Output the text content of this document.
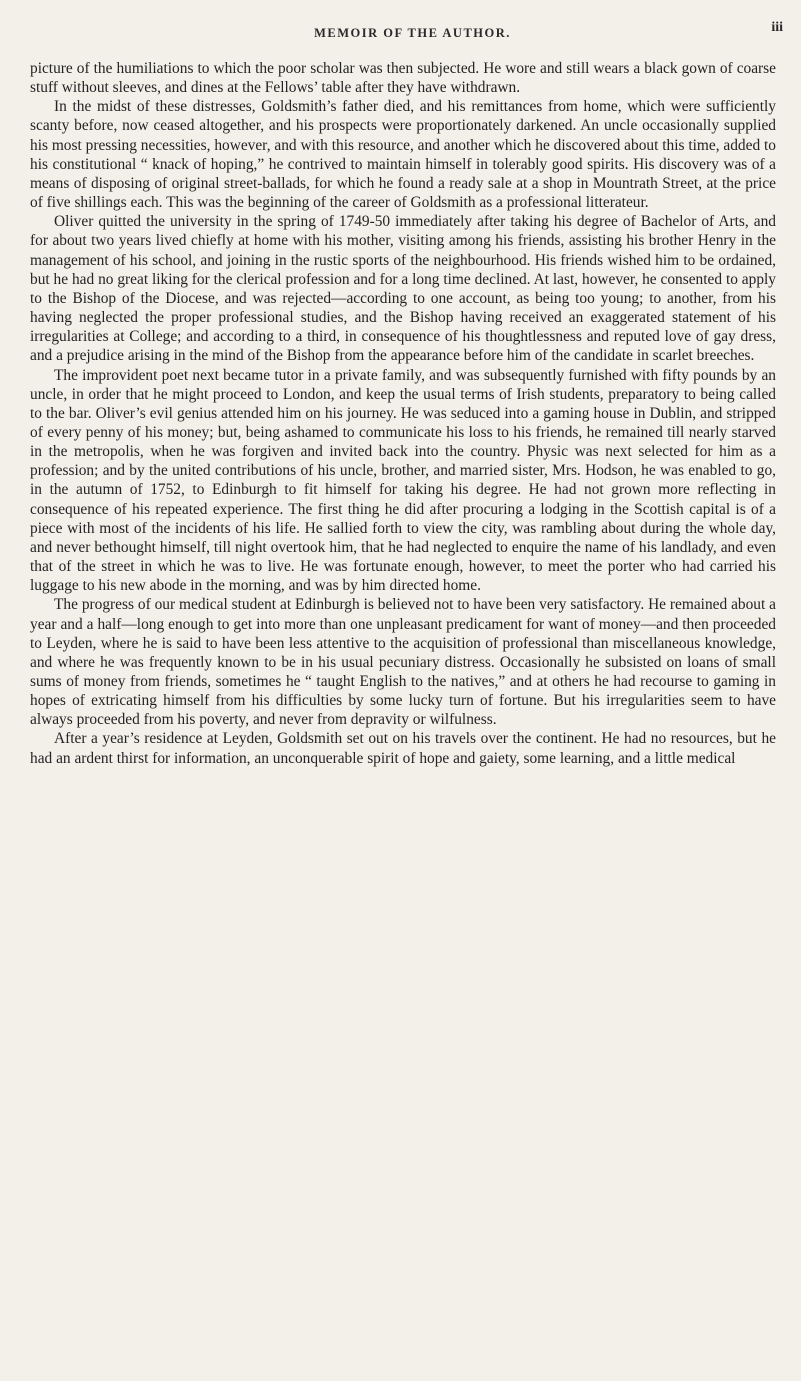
MEMOIR OF THE AUTHOR.	iii

picture of the humiliations to which the poor scholar was then subjected. He wore and still wears a black gown of coarse stuff without sleeves, and dines at the Fellows’ table after they have withdrawn.

In the midst of these distresses, Goldsmith’s father died, and his remittances from home, which were sufficiently scanty before, now ceased altogether, and his prospects were proportionately darkened. An uncle occasionally supplied his most pressing necessities, however, and with this resource, and another which he discovered about this time, added to his constitutional “ knack of hoping,” he contrived to maintain himself in tolerably good spirits. His discovery was of a means of disposing of original street-ballads, for which he found a ready sale at a shop in Mountrath Street, at the price of five shillings each. This was the beginning of the career of Goldsmith as a professional litterateur.

Oliver quitted the university in the spring of 1749-50 immediately after taking his degree of Bachelor of Arts, and for about two years lived chiefly at home with his mother, visiting among his friends, assisting his brother Henry in the management of his school, and joining in the rustic sports of the neighbourhood. His friends wished him to be ordained, but he had no great liking for the clerical profession and for a long time declined. At last, however, he consented to apply to the Bishop of the Diocese, and was rejected—according to one account, as being too young; to another, from his having neglected the proper professional studies, and the Bishop having received an exaggerated statement of his irregularities at College; and according to a third, in consequence of his thoughtlessness and reputed love of gay dress, and a prejudice arising in the mind of the Bishop from the appearance before him of the candidate in scarlet breeches.

The improvident poet next became tutor in a private family, and was subsequently furnished with fifty pounds by an uncle, in order that he might proceed to London, and keep the usual terms of Irish students, preparatory to being called to the bar. Oliver’s evil genius attended him on his journey. He was seduced into a gaming house in Dublin, and stripped of every penny of his money; but, being ashamed to communicate his loss to his friends, he remained till nearly starved in the metropolis, when he was forgiven and invited back into the country. Physic was next selected for him as a profession; and by the united contributions of his uncle, brother, and married sister, Mrs. Hodson, he was enabled to go, in the autumn of 1752, to Edinburgh to fit himself for taking his degree. He had not grown more reflecting in consequence of his repeated experience. The first thing he did after procuring a lodging in the Scottish capital is of a piece with most of the incidents of his life. He sallied forth to view the city, was rambling about during the whole day, and never bethought himself, till night overtook him, that he had neglected to enquire the name of his landlady, and even that of the street in which he was to live. He was fortunate enough, however, to meet the porter who had carried his luggage to his new abode in the morning, and was by him directed home.

The progress of our medical student at Edinburgh is believed not to have been very satisfactory. He remained about a year and a half—long enough to get into more than one unpleasant predicament for want of money—and then proceeded to Leyden, where he is said to have been less attentive to the acquisition of professional than miscellaneous knowledge, and where he was frequently known to be in his usual pecuniary distress. Occasionally he subsisted on loans of small sums of money from friends, sometimes he “ taught English to the natives,” and at others he had recourse to gaming in hopes of extricating himself from his difficulties by some lucky turn of fortune. But his irregularities seem to have always proceeded from his poverty, and never from depravity or wilfulness.

After a year’s residence at Leyden, Goldsmith set out on his travels over the continent. He had no resources, but he had an ardent thirst for information, an unconquerable spirit of hope and gaiety, some learning, and a little medical
